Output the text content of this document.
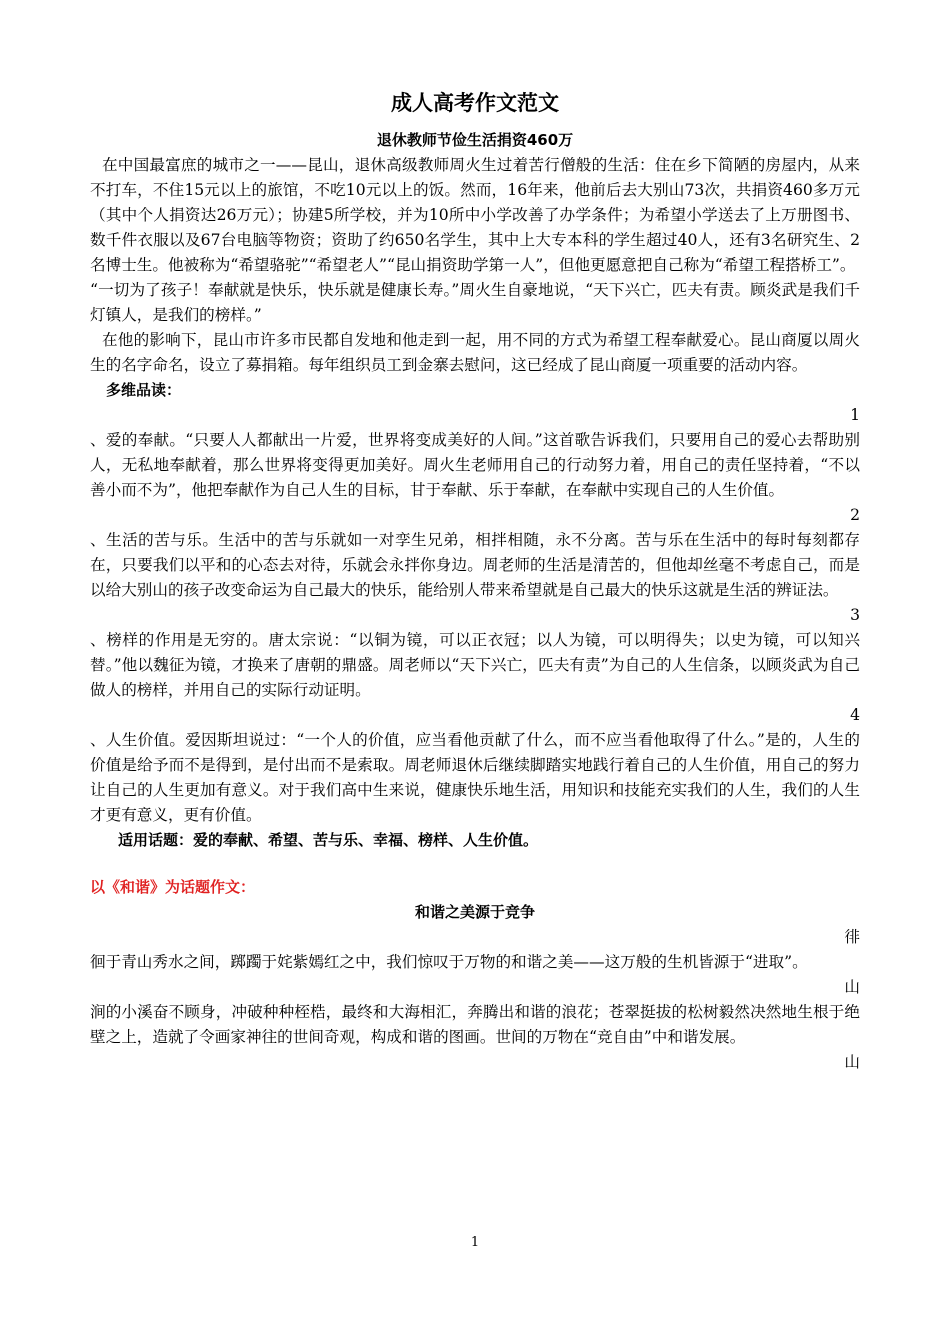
成人高考作文范文
退休教师节俭生活捐资460万

在中国最富庶的城市之一——昆山，退休高级教师周火生过着苦行僧般的生活：住在乡下简陋的房屋内，从来不打车，不住15元以上的旅馆，不吃10元以上的饭。然而，16年来，他前后去大别山73次，共捐资460多万元（其中个人捐资达26万元）；协建5所学校，并为10所中小学改善了办学条件；为希望小学送去了上万册图书、数千件衣服以及67台电脑等物资；资助了约650名学生，其中上大专本科的学生超过40人，还有3名研究生、2名博士生。他被称为“希望骆驼”“希望老人”“昆山捐资助学第一人”，但他更愿意把自己称为“希望工程搭桥工”。

“一切为了孩子！奉献就是快乐，快乐就是健康长寿。”周火生自豪地说，“天下兴亡，匹夫有责。顾炎武是我们千灯镇人，是我们的榜样。”

在他的影响下，昆山市许多市民都自发地和他走到一起，用不同的方式为希望工程奉献爱心。昆山商厦以周火生的名字命名，设立了募捐箱。每年组织员工到金寨去慰问，这已经成了昆山商厦一项重要的活动内容。

多维品读：

1

、爱的奉献。“只要人人都献出一片爱，世界将变成美好的人间。”这首歌告诉我们，只要用自己的爱心去帮助别人，无私地奉献着，那么世界将变得更加美好。周火生老师用自己的行动努力着，用自己的责任坚持着，“不以善小而不为”，他把奉献作为自己人生的目标，甘于奉献、乐于奉献，在奉献中实现自己的人生价值。

2

、生活的苦与乐。生活中的苦与乐就如一对孪生兄弟，相拌相随，永不分离。苦与乐在生活中的每时每刻都存在，只要我们以平和的心态去对待，乐就会永拌你身边。周老师的生活是清苦的，但他却丝毫不考虑自己，而是以给大别山的孩子改变命运为自己最大的快乐，能给别人带来希望就是自己最大的快乐这就是生活的辨证法。

3

、榜样的作用是无穷的。唐太宗说：“以铜为镜，可以正衣冠；以人为镜，可以明得失；以史为镜，可以知兴替。”他以魏征为镜，才换来了唐朝的鼎盛。周老师以“天下兴亡，匹夫有责”为自己的人生信条，以顾炎武为自己做人的榜样，并用自己的实际行动证明。

4

、人生价值。爱因斯坦说过：“一个人的价值，应当看他贡献了什么，而不应当看他取得了什么。”是的，人生的价值是给予而不是得到，是付出而不是索取。周老师退休后继续脚踏实地践行着自己的人生价值，用自己的努力让自己的人生更加有意义。对于我们高中生来说，健康快乐地生活，用知识和技能充实我们的人生，我们的人生才更有意义，更有价值。

适用话题：爱的奉献、希望、苦与乐、幸福、榜样、人生价值。

以《和谐》为话题作文：

和谐之美源于竞争

徘

徊于青山秀水之间，踯躅于姹紫嫣红之中，我们惊叹于万物的和谐之美——这万般的生机皆源于“进取”。

山

涧的小溪奋不顾身，冲破种种桎梏，最终和大海相汇，奔腾出和谐的浪花；苍翠挺拔的松树毅然决然地生根于绝壁之上，造就了令画家神往的世间奇观，构成和谐的图画。世间的万物在“竞自由”中和谐发展。

山

1
